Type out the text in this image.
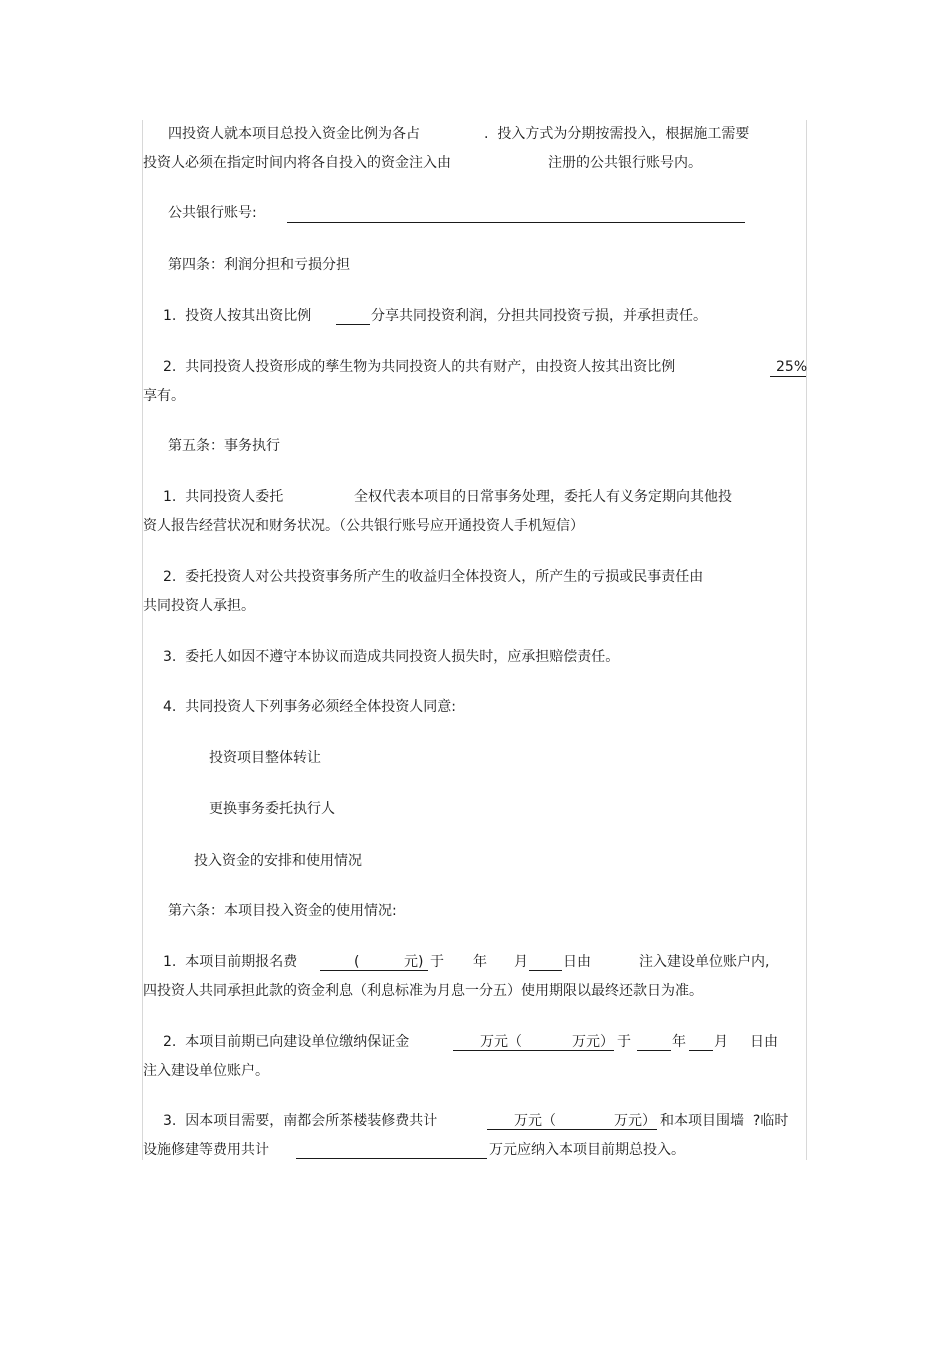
四投资人就本项目总投入资金比例为各占	.  投入方式为分期按需投入，根据施工需要
投资人必须在指定时间内将各自投入的资金注入由	注册的公共银行账号内。
公共银行账号:
第四条：利润分担和亏损分担
1.  投资人按其出资比例	分享共同投资利润，分担共同投资亏损，并承担责任。
2.  共同投资人投资形成的孳生物为共同投资人的共有财产，由投资人按其出资比例	25%
享有。
第五条：事务执行
1.  共同投资人委托	全权代表本项目的日常事务处理，委托人有义务定期向其他投
资人报告经营状况和财务状况。（公共银行账号应开通投资人手机短信）
2.  委托投资人对公共投资事务所产生的收益归全体投资人，所产生的亏损或民事责任由
共同投资人承担。
3.  委托人如因不遵守本协议而造成共同投资人损失时，应承担赔偿责任。
4.  共同投资人下列事务必须经全体投资人同意:
投资项目整体转让
更换事务委托执行人
投入资金的安排和使用情况
第六条：本项目投入资金的使用情况:
1.  本项目前期报名费	(	元) 于 年 月	日由	注入建设单位账户内,
四投资人共同承担此款的资金利息（利息标准为月息一分五）使用期限以最终还款日为准。
2.  本项目前期已向建设单位缴纳保证金	万元（	万元） 于	年 月 日由
注入建设单位账户。
3.  因本项目需要，南都会所茶楼装修费共计	万元（	万元） 和本项目围墙  ?临时
设施修建等费用共计	万元应纳入本项目前期总投入。
